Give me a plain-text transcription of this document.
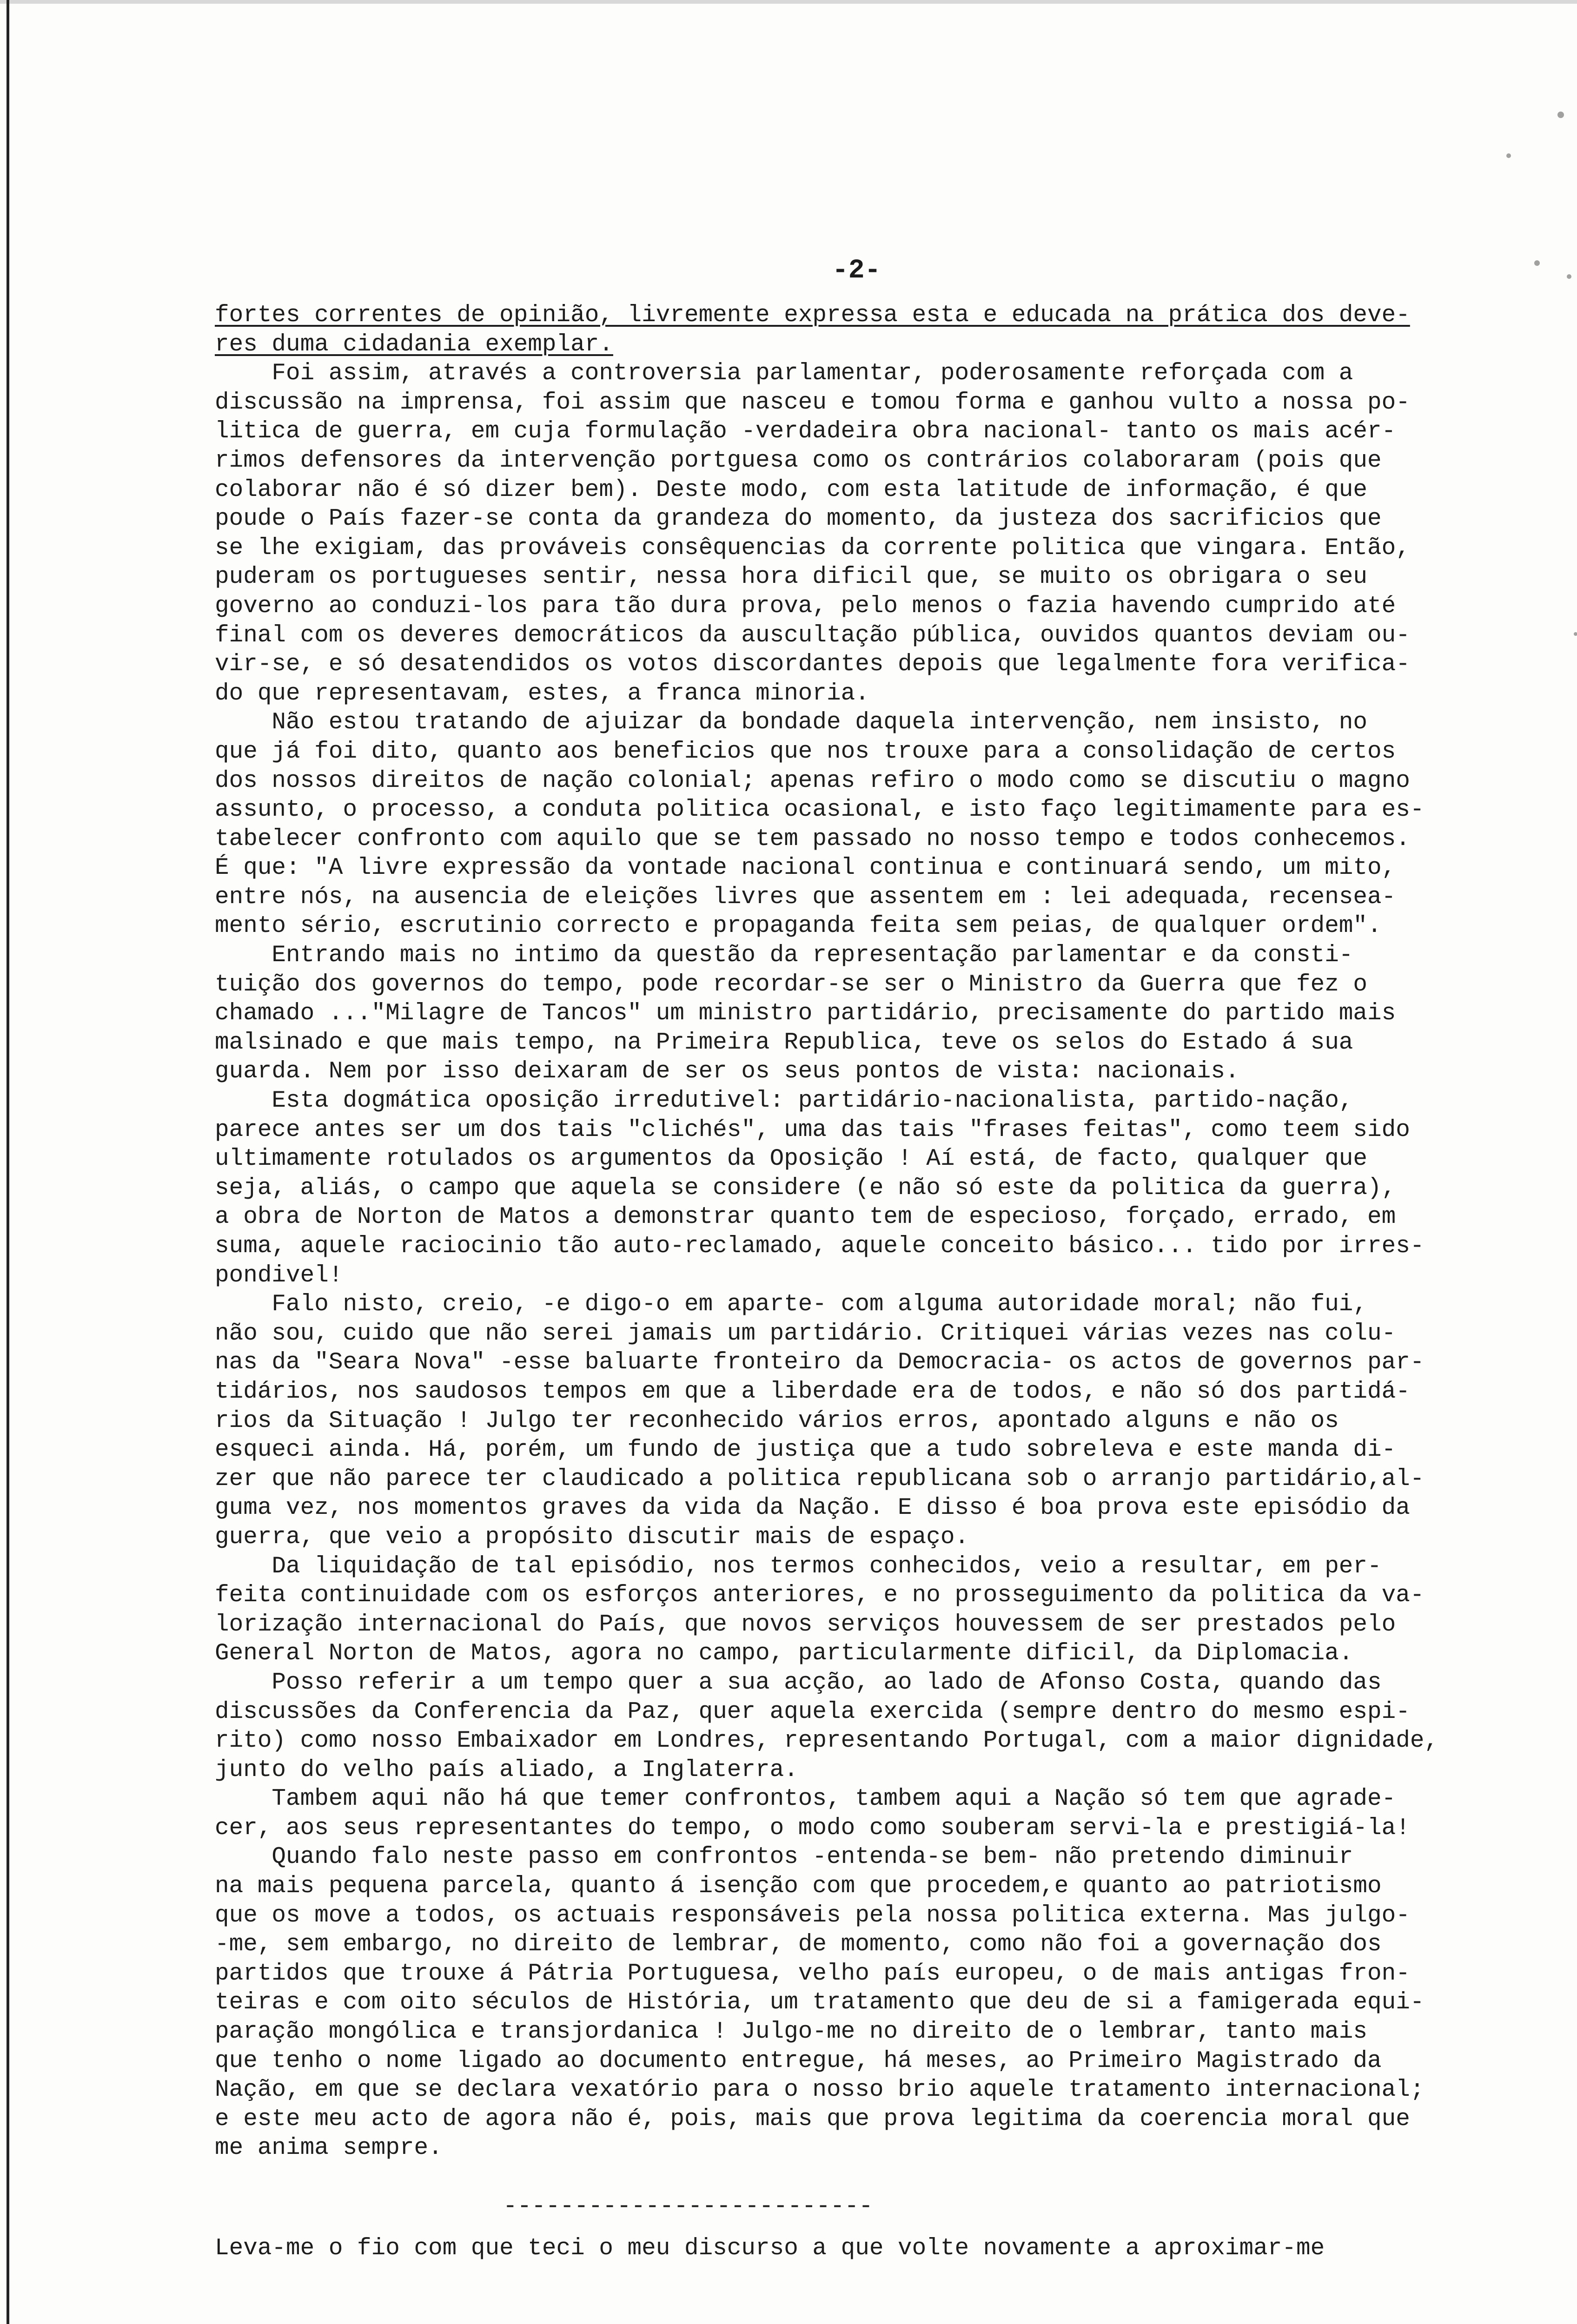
-2-
fortes correntes de opinião, livremente expressa esta e educada na prática dos deve-
res duma cidadania exemplar.
Foi assim, através a controversia parlamentar, poderosamente reforçada com a
discussão na imprensa, foi assim que nasceu e tomou forma e ganhou vulto a nossa po-
litica de guerra, em cuja formulação -verdadeira obra nacional- tanto os mais acér-
rimos defensores da intervenção portguesa como os contrários colaboraram (pois que
colaborar não é só dizer bem). Deste modo, com esta latitude de informação, é que
poude o País fazer-se conta da grandeza do momento, da justeza dos sacrificios que
se lhe exigiam, das prováveis consêquencias da corrente politica que vingara. Então,
puderam os portugueses sentir, nessa hora dificil que, se muito os obrigara o seu
governo ao conduzi-los para tão dura prova, pelo menos o fazia havendo cumprido até
final com os deveres democráticos da auscultação pública, ouvidos quantos deviam ou-
vir-se, e só desatendidos os votos discordantes depois que legalmente fora verifica-
do que representavam, estes, a franca minoria.
Não estou tratando de ajuizar da bondade daquela intervenção, nem insisto, no
que já foi dito, quanto aos beneficios que nos trouxe para a consolidação de certos
dos nossos direitos de nação colonial; apenas refiro o modo como se discutiu o magno
assunto, o processo, a conduta politica ocasional, e isto faço legitimamente para es-
tabelecer confronto com aquilo que se tem passado no nosso tempo e todos conhecemos.
É que: "A livre expressão da vontade nacional continua e continuará sendo, um mito,
entre nós, na ausencia de eleições livres que assentem em : lei adequada, recensea-
mento sério, escrutinio correcto e propaganda feita sem peias, de qualquer ordem".
Entrando mais no intimo da questão da representação parlamentar e da consti-
tuição dos governos do tempo, pode recordar-se ser o Ministro da Guerra que fez o
chamado ..."Milagre de Tancos" um ministro partidário, precisamente do partido mais
malsinado e que mais tempo, na Primeira Republica, teve os selos do Estado á sua
guarda. Nem por isso deixaram de ser os seus pontos de vista: nacionais.
Esta dogmática oposição irredutivel: partidário-nacionalista, partido-nação,
parece antes ser um dos tais "clichés", uma das tais "frases feitas", como teem sido
ultimamente rotulados os argumentos da Oposição ! Aí está, de facto, qualquer que
seja, aliás, o campo que aquela se considere (e não só este da politica da guerra),
a obra de Norton de Matos a demonstrar quanto tem de especioso, forçado, errado, em
suma, aquele raciocinio tão auto-reclamado, aquele conceito básico... tido por irres-
pondivel!
Falo nisto, creio, -e digo-o em aparte- com alguma autoridade moral; não fui,
não sou, cuido que não serei jamais um partidário. Critiquei várias vezes nas colu-
nas da "Seara Nova" -esse baluarte fronteiro da Democracia- os actos de governos par-
tidários, nos saudosos tempos em que a liberdade era de todos, e não só dos partidá-
rios da Situação ! Julgo ter reconhecido vários erros, apontado alguns e não os
esqueci ainda. Há, porém, um fundo de justiça que a tudo sobreleva e este manda di-
zer que não parece ter claudicado a politica republicana sob o arranjo partidário,al-
guma vez, nos momentos graves da vida da Nação. E disso é boa prova este episódio da
guerra, que veio a propósito discutir mais de espaço.
Da liquidação de tal episódio, nos termos conhecidos, veio a resultar, em per-
feita continuidade com os esforços anteriores, e no prosseguimento da politica da va-
lorização internacional do País, que novos serviços houvessem de ser prestados pelo
General Norton de Matos, agora no campo, particularmente dificil, da Diplomacia.
Posso referir a um tempo quer a sua acção, ao lado de Afonso Costa, quando das
discussões da Conferencia da Paz, quer aquela exercida (sempre dentro do mesmo espi-
rito) como nosso Embaixador em Londres, representando Portugal, com a maior dignidade,
junto do velho país aliado, a Inglaterra.
Tambem aqui não há que temer confrontos, tambem aqui a Nação só tem que agrade-
cer, aos seus representantes do tempo, o modo como souberam servi-la e prestigiá-la!
Quando falo neste passo em confrontos -entenda-se bem- não pretendo diminuir
na mais pequena parcela, quanto á isenção com que procedem,e quanto ao patriotismo
que os move a todos, os actuais responsáveis pela nossa politica externa. Mas julgo-
-me, sem embargo, no direito de lembrar, de momento, como não foi a governação dos
partidos que trouxe á Pátria Portuguesa, velho país europeu, o de mais antigas fron-
teiras e com oito séculos de História, um tratamento que deu de si a famigerada equi-
paração mongólica e transjordanica ! Julgo-me no direito de o lembrar, tanto mais
que tenho o nome ligado ao documento entregue, há meses, ao Primeiro Magistrado da
Nação, em que se declara vexatório para o nosso brio aquele tratamento internacional;
e este meu acto de agora não é, pois, mais que prova legitima da coerencia moral que
me anima sempre.
--------------------------
Leva-me o fio com que teci o meu discurso a que volte novamente a aproximar-me
